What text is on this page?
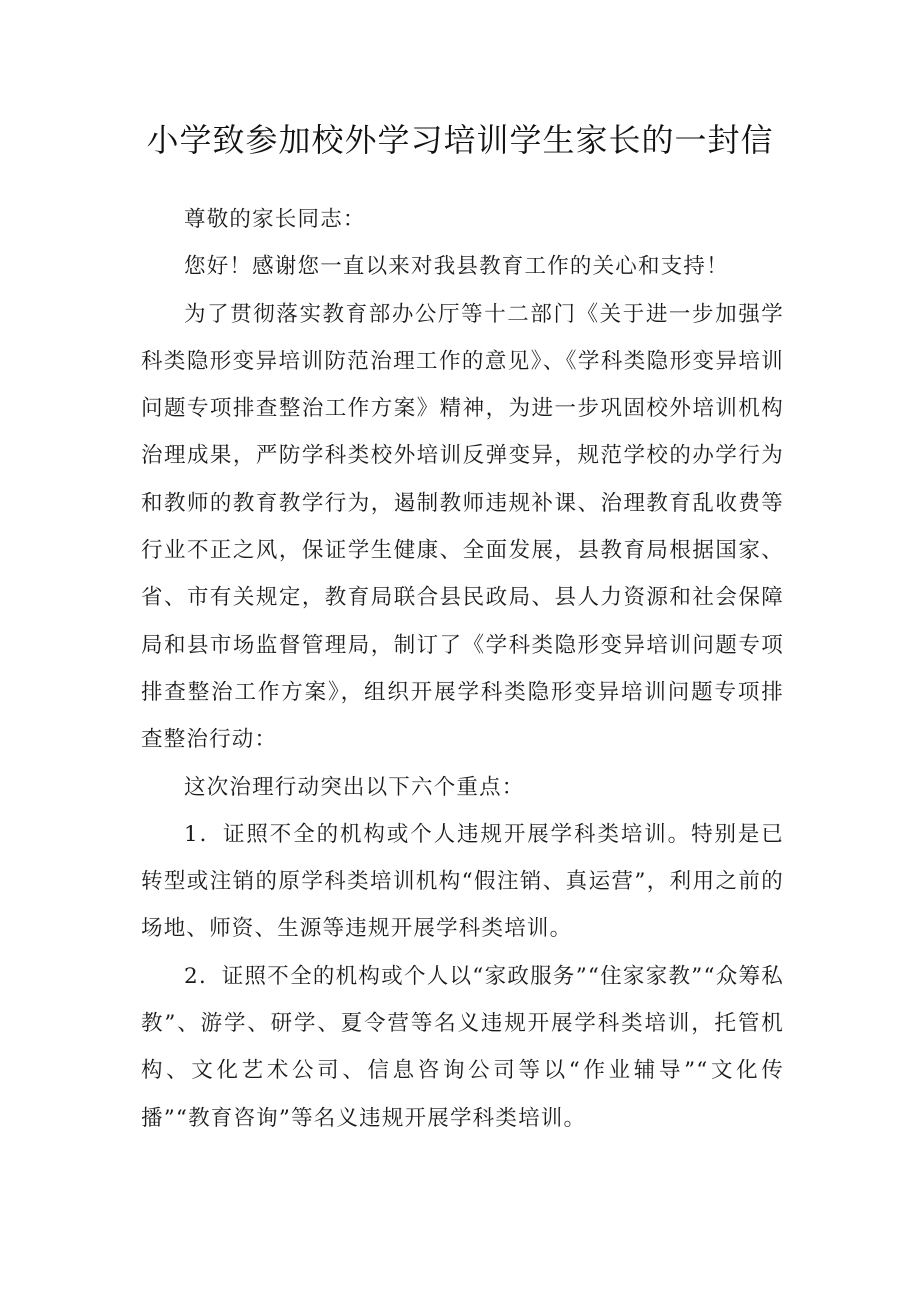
小学致参加校外学习培训学生家长的一封信

尊敬的家长同志：

您好！感谢您一直以来对我县教育工作的关心和支持！

为了贯彻落实教育部办公厅等十二部门《关于进一步加强学科类隐形变异培训防范治理工作的意见》、《学科类隐形变异培训问题专项排查整治工作方案》精神，为进一步巩固校外培训机构治理成果，严防学科类校外培训反弹变异，规范学校的办学行为和教师的教育教学行为，遏制教师违规补课、治理教育乱收费等行业不正之风，保证学生健康、全面发展，县教育局根据国家、省、市有关规定，教育局联合县民政局、县人力资源和社会保障局和县市场监督管理局，制订了《学科类隐形变异培训问题专项排查整治工作方案》，组织开展学科类隐形变异培训问题专项排查整治行动：

这次治理行动突出以下六个重点：

1．证照不全的机构或个人违规开展学科类培训。特别是已转型或注销的原学科类培训机构“假注销、真运营”，利用之前的场地、师资、生源等违规开展学科类培训。

2．证照不全的机构或个人以“家政服务”“住家家教”“众筹私教”、游学、研学、夏令营等名义违规开展学科类培训，托管机构、文化艺术公司、信息咨询公司等以“作业辅导”“文化传播”“教育咨询”等名义违规开展学科类培训。
